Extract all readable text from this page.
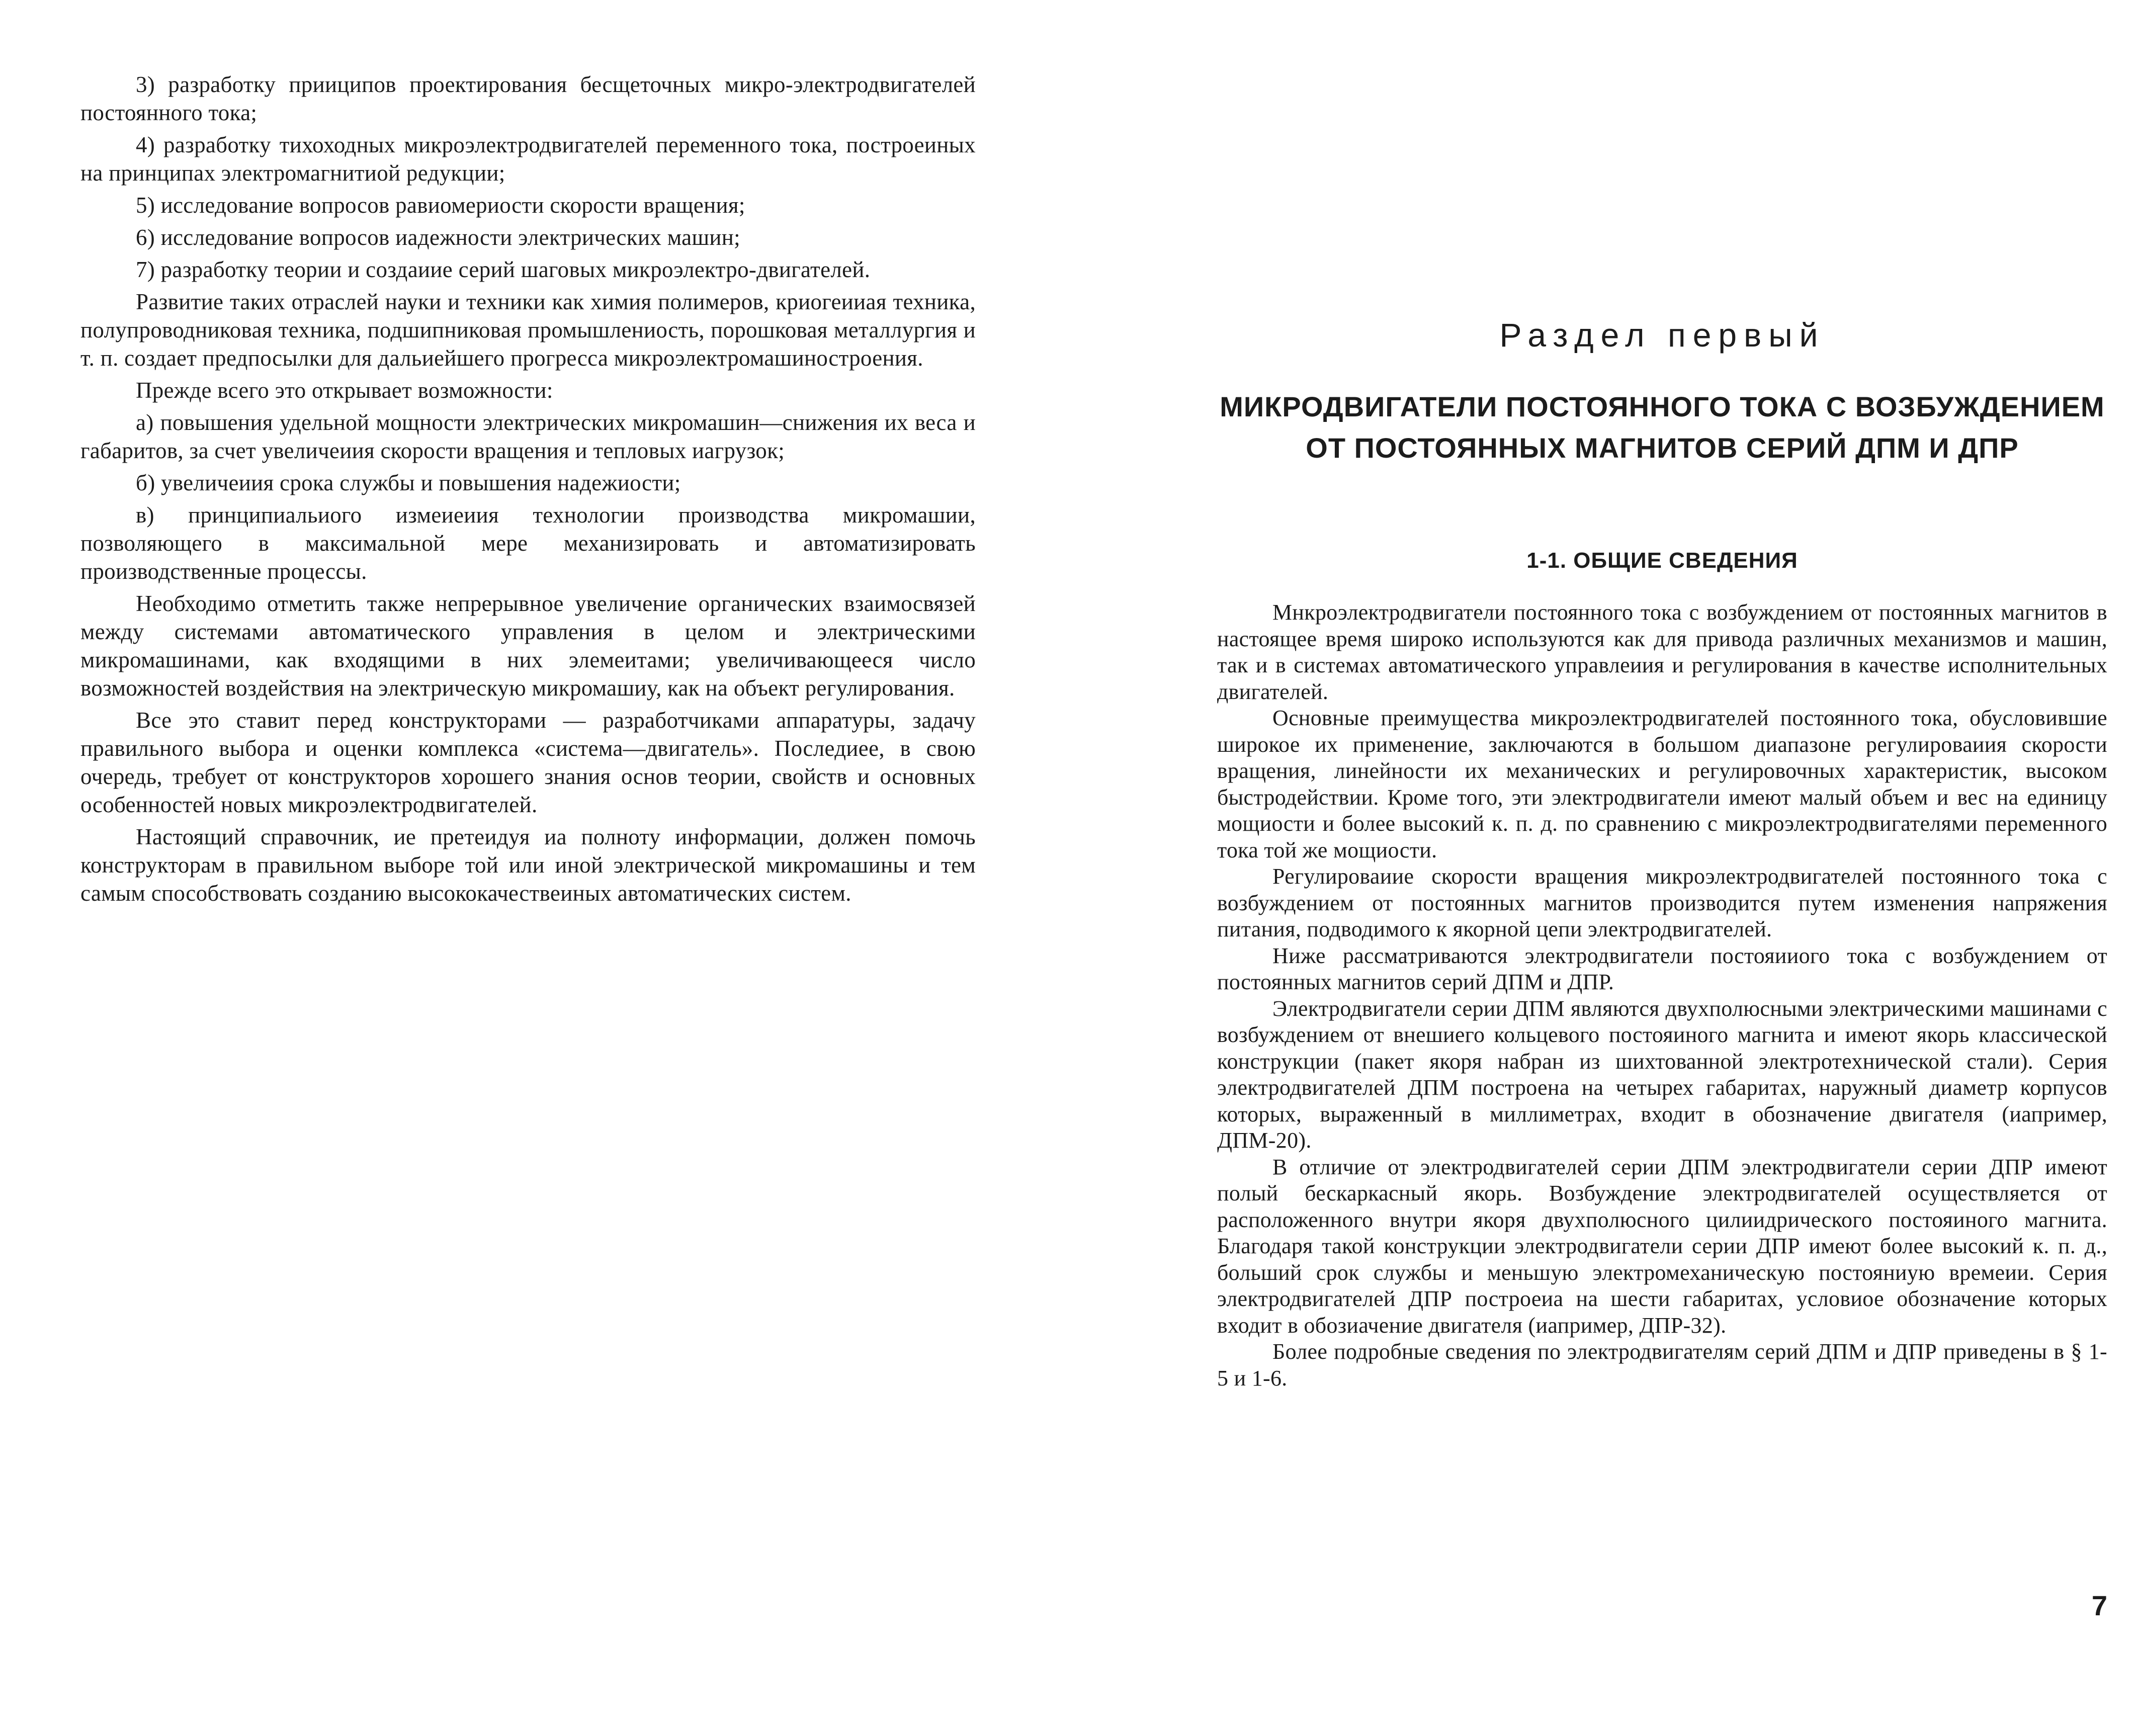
3) разработку прииципов проектирования бесщеточных микро-электродвигателей постоянного тока;

4) разработку тихоходных микроэлектродвигателей переменного тока, построеиных на принципах электромагнитиой редукции;

5) исследование вопросов равиомериости скорости вращения;

6) исследование вопросов иадежности электрических машин;

7) разработку теории и создаиие серий шаговых микроэлектро-двигателей.

Развитие таких отраслей науки и техники как химия полимеров, криогеииая техника, полупроводниковая техника, подшипниковая промышлениость, порошковая металлургия и т. п. создает предпосылки для дальиейшего прогресса микроэлектромашиностроения.

Прежде всего это открывает возможности:

а) повышения удельной мощности электрических микромашин—снижения их веса и габаритов, за счет увеличеиия скорости вращения и тепловых иагрузок;

б) увеличеиия срока службы и повышения надежиости;

в) принципиальиого измеиеиия технологии производства микромашии, позволяющего в максимальной мере механизировать и автоматизировать производственные процессы.

Необходимо отметить также непрерывное увеличение органических взаимосвязей между системами автоматического управления в целом и электрическими микромашинами, как входящими в них элемеитами; увеличивающееся число возможностей воздействия на электрическую микромашиу, как на объект регулирования.

Все это ставит перед конструкторами — разработчиками аппаратуры, задачу правильного выбора и оценки комплекса «система—двигатель». Последиее, в свою очередь, требует от конструкторов хорошего знания основ теории, свойств и основных особенностей новых микроэлектродвигателей.

Настоящий справочник, ие претеидуя иа полноту информации, должен помочь конструкторам в правильном выборе той или иной электрической микромашины и тем самым способствовать созданию высококачествеиных автоматических систем.

Раздел первый
МИКРОДВИГАТЕЛИ ПОСТОЯННОГО ТОКА С ВОЗБУЖДЕНИЕМ ОТ ПОСТОЯННЫХ МАГНИТОВ СЕРИЙ ДПМ И ДПР
1-1. ОБЩИЕ СВЕДЕНИЯ

Мнкроэлектродвигатели постоянного тока с возбуждением от постоянных магнитов в настоящее время широко используются как для привода различных механизмов и машин, так и в системах автоматического управлеиия и регулирования в качестве исполнительных двигателей.

Основные преимущества микроэлектродвигателей постоянного тока, обусловившие широкое их применение, заключаются в большом диапазоне регулироваиия скорости вращения, линейности их механических и регулировочных характеристик, высоком быстродействии. Кроме того, эти электродвигатели имеют малый объем и вес на единицу мощиости и более высокий к. п. д. по сравнению с микроэлектродвигателями переменного тока той же мощиости.

Регулироваиие скорости вращения микроэлектродвигателей постоянного тока с возбуждением от постоянных магнитов производится путем изменения напряжения питания, подводимого к якорной цепи электродвигателей.

Ниже рассматриваются электродвигатели постояииого тока с возбуждением от постоянных магнитов серий ДПМ и ДПР.

Электродвигатели серии ДПМ являются двухполюсными электрическими машинами с возбуждением от внешиего кольцевого постояиного магнита и имеют якорь классической конструкции (пакет якоря набран из шихтованной электротехнической стали). Серия электродвигателей ДПМ построена на четырех габаритах, наружный диаметр корпусов которых, выраженный в миллиметрах, входит в обозначение двигателя (иапример, ДПМ-20).

В отличие от электродвигателей серии ДПМ электродвигатели серии ДПР имеют полый бескаркасный якорь. Возбуждение электродвигателей осуществляется от расположенного внутри якоря двухполюсного цилиидрического постояиного магнита. Благодаря такой конструкции электродвигатели серии ДПР имеют более высокий к. п. д., больший срок службы и меньшую электромеханическую постояниую времеии. Серия электродвигателей ДПР построеиа на шести габаритах, условиое обозначение которых входит в обозиачение двигателя (иапример, ДПР-32).

Более подробные сведения по электродвигателям серий ДПМ и ДПР приведены в § 1-5 и 1-6.

7
